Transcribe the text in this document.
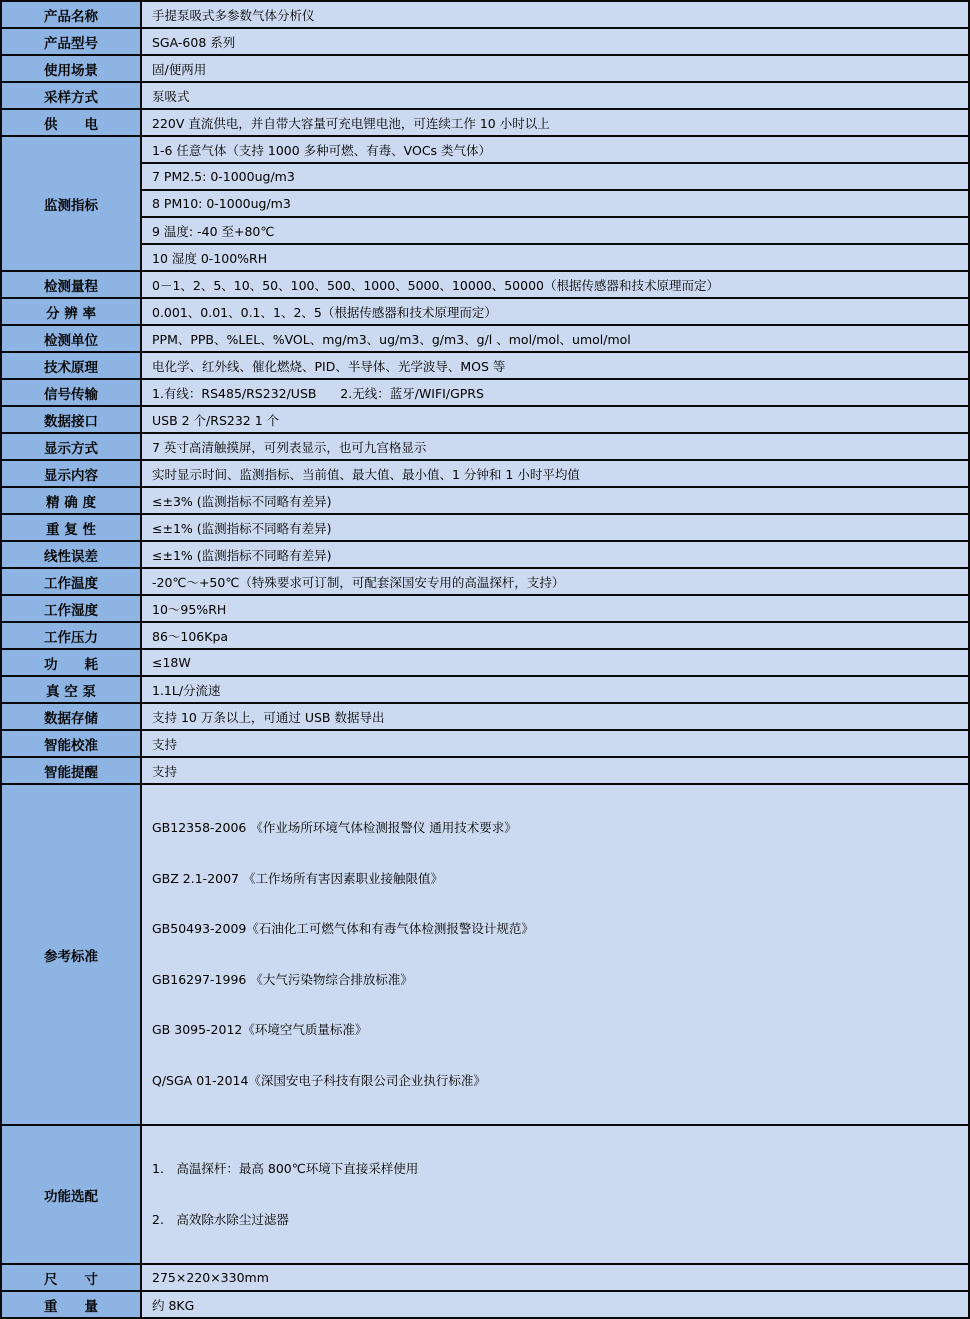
产品名称	手提泵吸式多参数气体分析仪
产品型号	SGA-608 系列
使用场景	固/便两用
采样方式	泵吸式
供　　电	220V 直流供电，并自带大容量可充电锂电池，可连续工作 10 小时以上
监测指标	1-6 任意气体（支持 1000 多种可燃、有毒、VOCs 类气体）
	7 PM2.5: 0-1000ug/m3
	8 PM10: 0-1000ug/m3
	9 温度: -40 至+80℃
	10 湿度 0-100%RH
检测量程	0－1、2、5、10、50、100、500、1000、5000、10000、50000（根据传感器和技术原理而定）
分 辨 率	0.001、0.01、0.1、1、2、5（根据传感器和技术原理而定）
检测单位	PPM、PPB、%LEL、%VOL、mg/m3、ug/m3、g/m3、g/l 、mol/mol、umol/mol
技术原理	电化学、红外线、催化燃烧、PID、半导体、光学波导、MOS 等
信号传输	1.有线：RS485/RS232/USB      2.无线：蓝牙/WIFI/GPRS
数据接口	USB 2 个/RS232 1 个
显示方式	7 英寸高清触摸屏，可列表显示，也可九宫格显示
显示内容	实时显示时间、监测指标、当前值、最大值、最小值、1 分钟和 1 小时平均值
精 确 度	≤±3% (监测指标不同略有差异)
重 复 性	≤±1% (监测指标不同略有差异)
线性误差	≤±1% (监测指标不同略有差异)
工作温度	-20℃～+50℃（特殊要求可订制，可配套深国安专用的高温探杆，支持）
工作湿度	10～95%RH
工作压力	86～106Kpa
功　　耗	≤18W
真 空 泵	1.1L/分流速
数据存储	支持 10 万条以上，可通过 USB 数据导出
智能校准	支持
智能提醒	支持
参考标准	

GB12358-2006 《作业场所环境气体检测报警仪 通用技术要求》

GBZ 2.1-2007 《工作场所有害因素职业接触限值》

GB50493-2009《石油化工可燃气体和有毒气体检测报警设计规范》

GB16297-1996 《大气污染物综合排放标准》

GB 3095-2012《环境空气质量标准》

Q/SGA 01-2014《深国安电子科技有限公司企业执行标准》

功能选配	1.　高温探杆：最高 800℃环境下直接采样使用

2.　高效除水除尘过滤器

尺　　寸	275×220×330mm
重　　量	约 8KG
